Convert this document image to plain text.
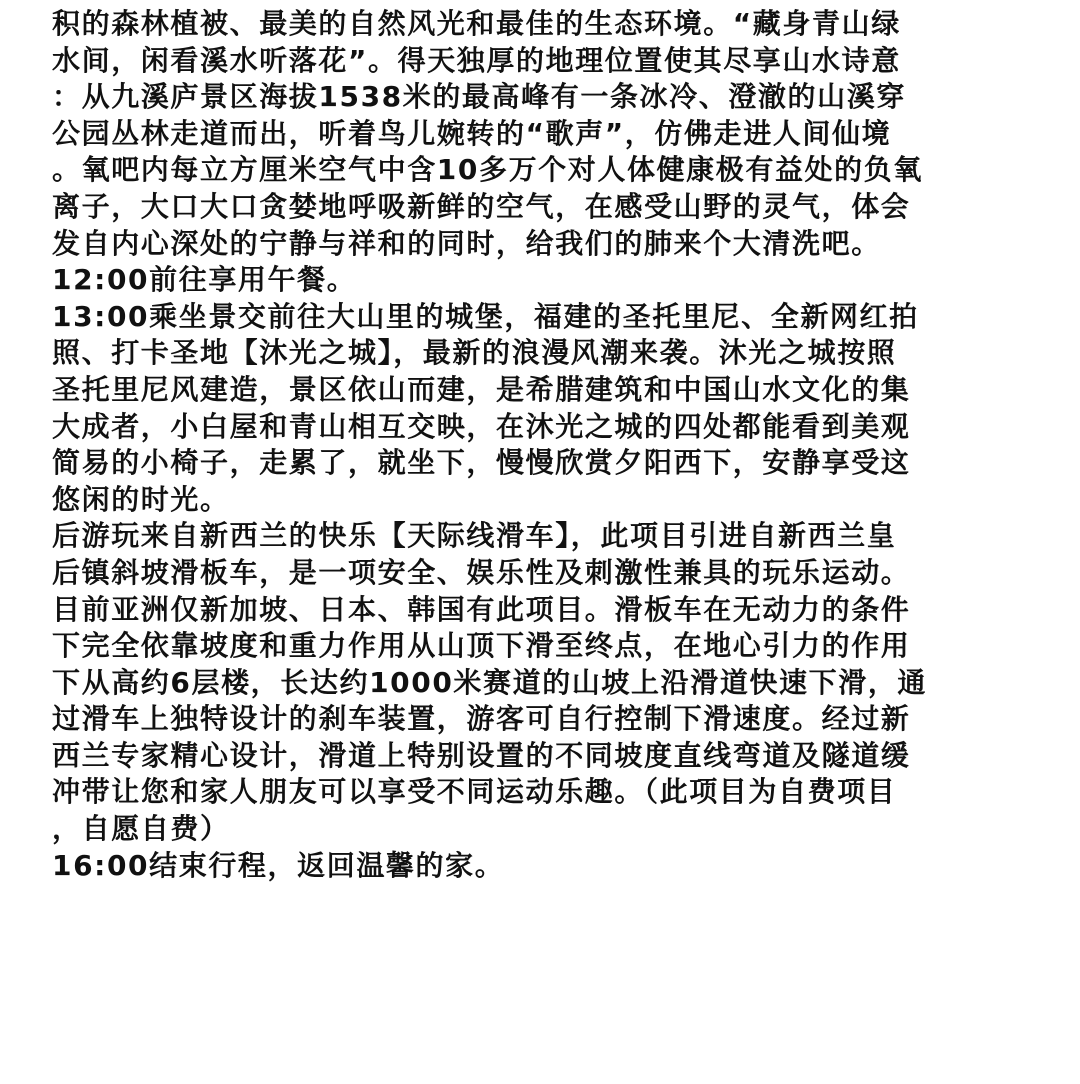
积的森林植被、最美的自然风光和最佳的生态环境。“藏身青山绿
水间，闲看溪水听落花”。得天独厚的地理位置使其尽享山水诗意
：从九溪庐景区海拔1538米的最高峰有一条冰冷、澄澈的山溪穿
公园丛林走道而出，听着鸟儿婉转的“歌声”，仿佛走进人间仙境
。氧吧内每立方厘米空气中含10多万个对人体健康极有益处的负氧
离子，大口大口贪婪地呼吸新鲜的空气，在感受山野的灵气，体会
发自内心深处的宁静与祥和的同时，给我们的肺来个大清洗吧。
12:00前往享用午餐。
13:00乘坐景交前往大山里的城堡，福建的圣托里尼、全新网红拍
照、打卡圣地【沐光之城】，最新的浪漫风潮来袭。沐光之城按照
圣托里尼风建造，景区依山而建，是希腊建筑和中国山水文化的集
大成者，小白屋和青山相互交映，在沐光之城的四处都能看到美观
简易的小椅子，走累了，就坐下，慢慢欣赏夕阳西下，安静享受这
悠闲的时光。
后游玩来自新西兰的快乐【天际线滑车】，此项目引进自新西兰皇
后镇斜坡滑板车，是一项安全、娱乐性及刺激性兼具的玩乐运动。
目前亚洲仅新加坡、日本、韩国有此项目。滑板车在无动力的条件
下完全依靠坡度和重力作用从山顶下滑至终点，在地心引力的作用
下从高约6层楼，长达约1000米赛道的山坡上沿滑道快速下滑，通
过滑车上独特设计的刹车装置，游客可自行控制下滑速度。经过新
西兰专家精心设计，滑道上特别设置的不同坡度直线弯道及隧道缓
冲带让您和家人朋友可以享受不同运动乐趣。（此项目为自费项目
，自愿自费）
16:00结束行程，返回温馨的家。
